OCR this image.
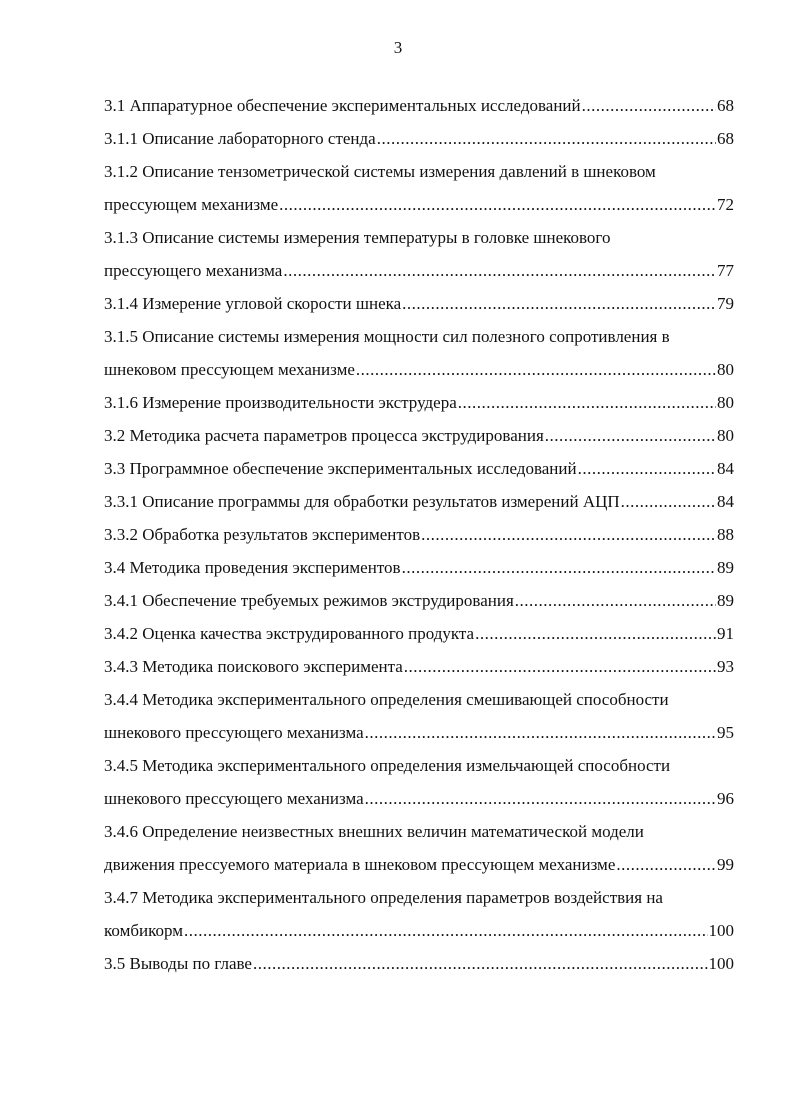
3
3.1 Аппаратурное обеспечение экспериментальных исследований .....	68
3.1.1 Описание лабораторного стенда .....	68
3.1.2 Описание тензометрической системы измерения давлений в шнековом
прессующем механизме .....	72
3.1.3 Описание системы измерения температуры в головке шнекового
прессующего механизма .....	77
3.1.4 Измерение угловой скорости шнека .....	79
3.1.5 Описание системы измерения мощности сил полезного сопротивления в
шнековом прессующем механизме .....	80
3.1.6 Измерение производительности экструдера .....	80
3.2 Методика расчета параметров процесса экструдирования .....	80
3.3 Программное обеспечение экспериментальных исследований .....	84
3.3.1 Описание программы для обработки результатов измерений АЦП .....	84
3.3.2 Обработка результатов экспериментов .....	88
3.4 Методика проведения экспериментов .....	89
3.4.1 Обеспечение требуемых режимов экструдирования .....	89
3.4.2 Оценка качества экструдированного продукта .....	91
3.4.3 Методика поискового эксперимента .....	93
3.4.4 Методика экспериментального определения смешивающей способности
шнекового прессующего механизма .....	95
3.4.5 Методика экспериментального определения измельчающей способности
шнекового прессующего механизма .....	96
3.4.6 Определение неизвестных внешних величин математической модели
движения прессуемого материала в шнековом прессующем механизме .....	99
3.4.7 Методика экспериментального определения параметров воздействия на
комбикорм .....	100
3.5 Выводы по главе .....	100
